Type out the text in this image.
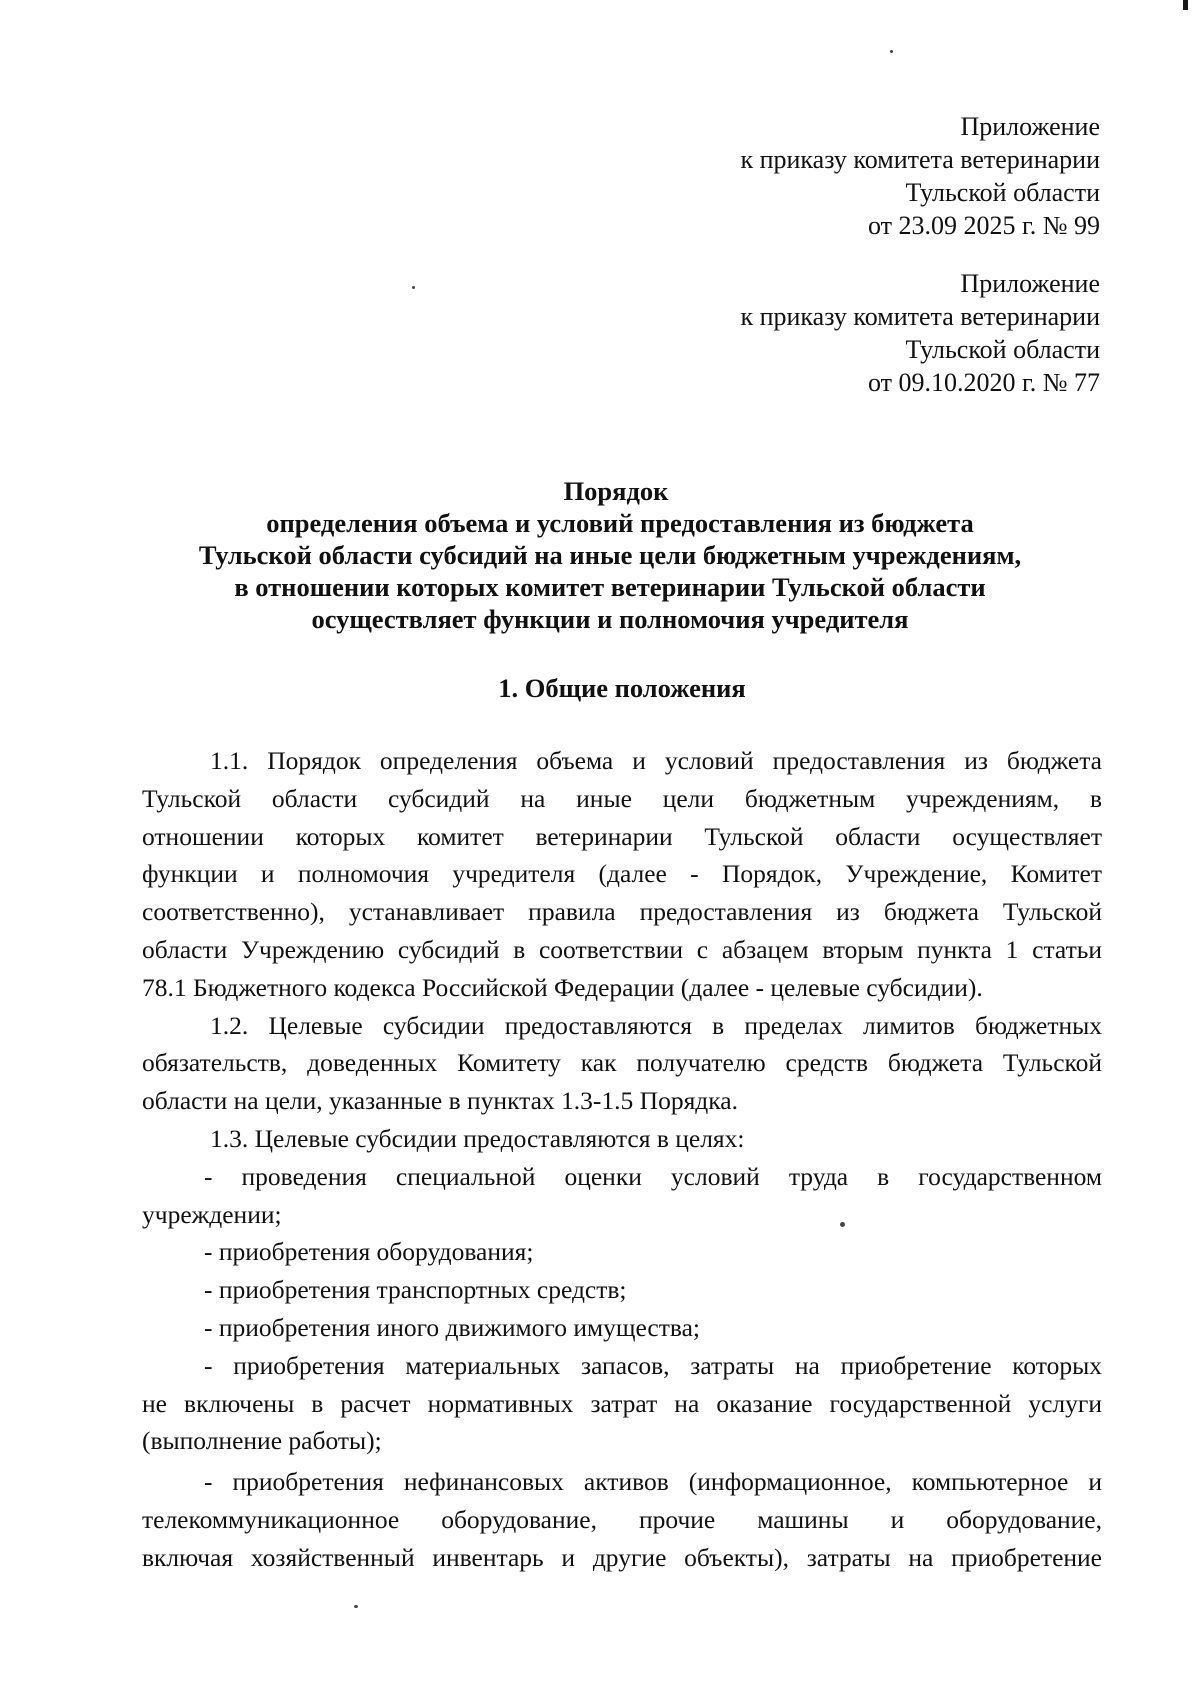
Приложение
к приказу комитета ветеринарии
Тульской области
от 23.09 2025 г. № 99
Приложение
к приказу комитета ветеринарии
Тульской области
от 09.10.2020 г. № 77
Порядок
определения объема и условий предоставления из бюджета
Тульской области субсидий на иные цели бюджетным учреждениям,
в отношении которых комитет ветеринарии Тульской области
осуществляет функции и полномочия учредителя
1. Общие положения
1.1. Порядок определения объема и условий предоставления из бюджета
Тульской области субсидий на иные цели бюджетным учреждениям, в
отношении которых комитет ветеринарии Тульской области осуществляет
функции и полномочия учредителя (далее - Порядок, Учреждение, Комитет
соответственно), устанавливает правила предоставления из бюджета Тульской
области Учреждению субсидий в соответствии с абзацем вторым пункта 1 статьи
78.1 Бюджетного кодекса Российской Федерации (далее - целевые субсидии).
1.2. Целевые субсидии предоставляются в пределах лимитов бюджетных
обязательств, доведенных Комитету как получателю средств бюджета Тульской
области на цели, указанные в пунктах 1.3-1.5 Порядка.
1.3. Целевые субсидии предоставляются в целях:
- проведения специальной оценки условий труда в государственном
учреждении;
- приобретения оборудования;
- приобретения транспортных средств;
- приобретения иного движимого имущества;
- приобретения материальных запасов, затраты на приобретение которых
не включены в расчет нормативных затрат на оказание государственной услуги
(выполнение работы);
- приобретения нефинансовых активов (информационное, компьютерное и
телекоммуникационное оборудование, прочие машины и оборудование,
включая хозяйственный инвентарь и другие объекты), затраты на приобретение
